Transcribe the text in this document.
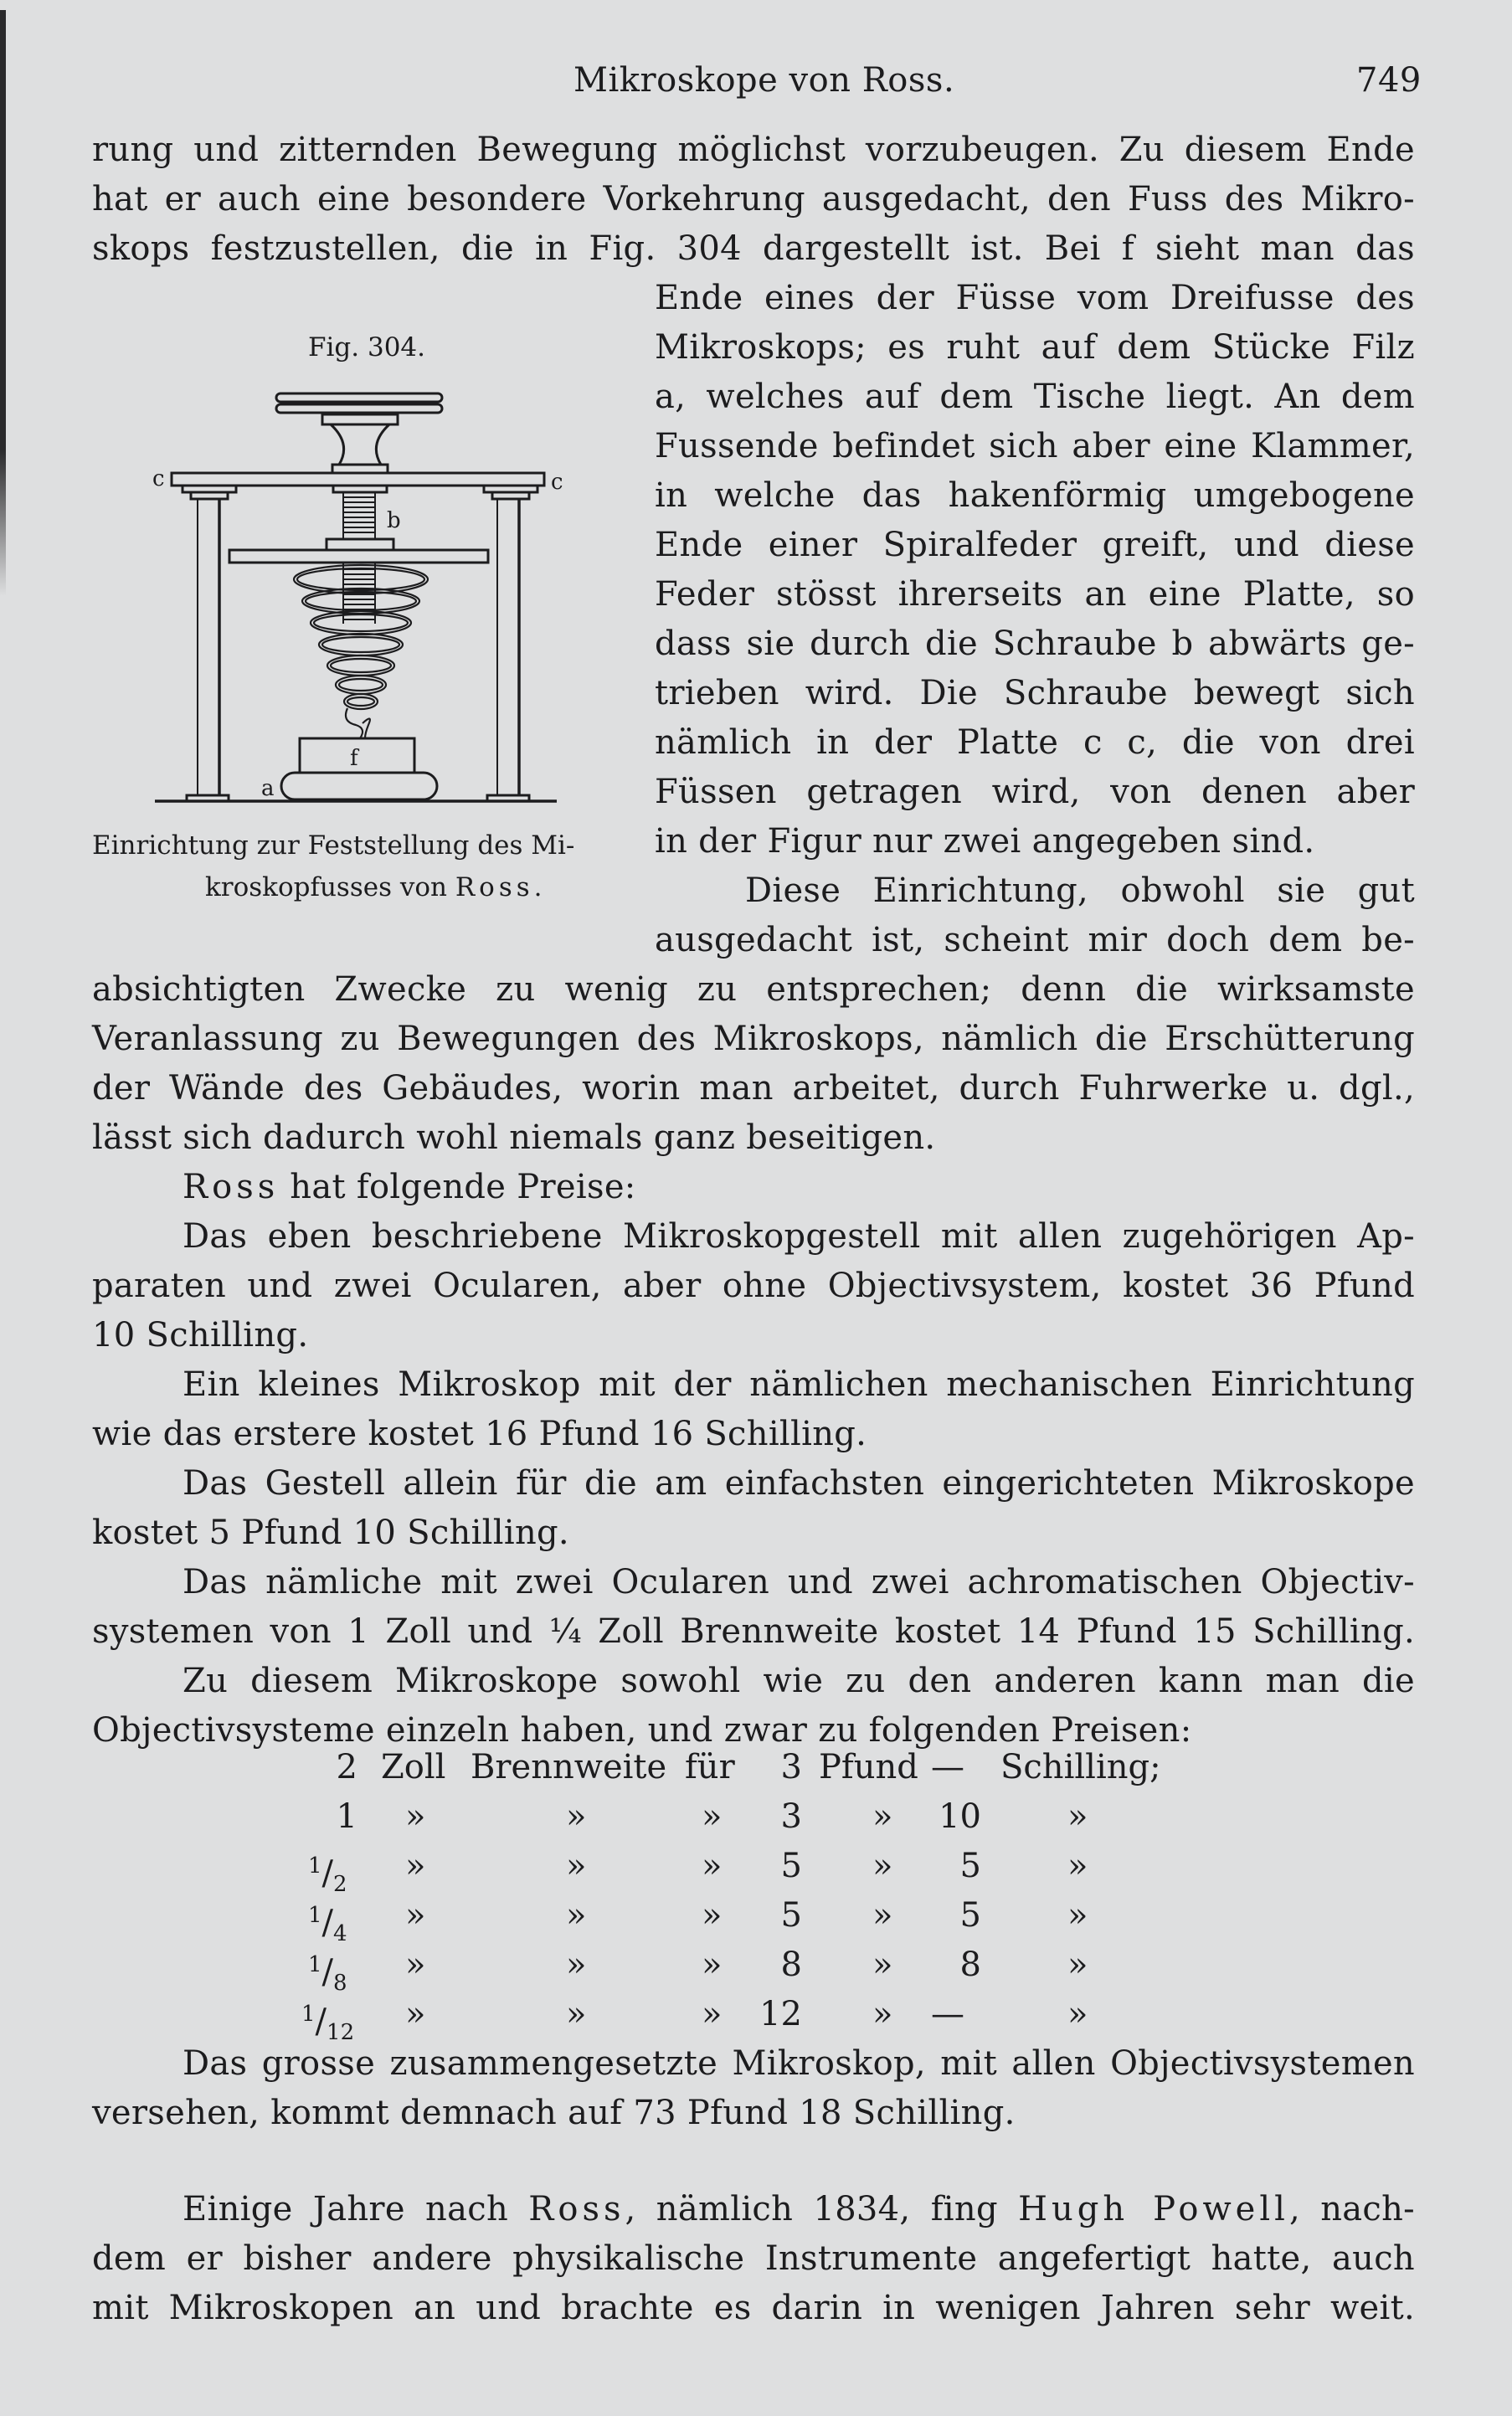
Mikroskope von Ross.	749
rung und zitternden Bewegung möglichst vorzubeugen. Zu diesem Ende
hat er auch eine besondere Vorkehrung ausgedacht, den Fuss des Mikro-
skops festzustellen, die in Fig. 304 dargestellt ist. Bei f sieht man das
Fig. 304.
c	c
b
f
a
Ende eines der Füsse vom Dreifusse des
Mikroskops; es ruht auf dem Stücke Filz
a, welches auf dem Tische liegt. An dem
Fussende befindet sich aber eine Klammer,
in welche das hakenförmig umgebogene
Ende einer Spiralfeder greift, und diese
Feder stösst ihrerseits an eine Platte, so
dass sie durch die Schraube b abwärts ge-
trieben wird. Die Schraube bewegt sich
nämlich in der Platte c c, die von drei
Füssen getragen wird, von denen aber
in der Figur nur zwei angegeben sind.
Einrichtung zur Feststellung des Mi-
kroskopfusses von Ross.	Diese Einrichtung, obwohl sie gut
ausgedacht ist, scheint mir doch dem be-
absichtigten Zwecke zu wenig zu entsprechen; denn die wirksamste
Veranlassung zu Bewegungen des Mikroskops, nämlich die Erschütterung
der Wände des Gebäudes, worin man arbeitet, durch Fuhrwerke u. dgl.,
lässt sich dadurch wohl niemals ganz beseitigen.
Ross hat folgende Preise:
Das eben beschriebene Mikroskopgestell mit allen zugehörigen Ap-
paraten und zwei Ocularen, aber ohne Objectivsystem, kostet 36 Pfund
10 Schilling.
Ein kleines Mikroskop mit der nämlichen mechanischen Einrichtung
wie das erstere kostet 16 Pfund 16 Schilling.
Das Gestell allein für die am einfachsten eingerichteten Mikroskope
kostet 5 Pfund 10 Schilling.
Das nämliche mit zwei Ocularen und zwei achromatischen Objectiv-
systemen von 1 Zoll und ¼ Zoll Brennweite kostet 14 Pfund 15 Schilling.
Zu diesem Mikroskope sowohl wie zu den anderen kann man die
Objectivsysteme einzeln haben, und zwar zu folgenden Preisen:
2 Zoll Brennweite für	3 Pfund — Schilling;
1 »	»	»	3 »	10	»
$^1/_2$ »	»	»	5 »	5	»
$^1/_4$ »	»	»	5 »	5	»
$^1/_8$ »	»	»	8 »	8	»
$^1/_{12}$ »	»	» 12 » —	»
Das grosse zusammengesetzte Mikroskop, mit allen Objectivsystemen
versehen, kommt demnach auf 73 Pfund 18 Schilling.
Einige Jahre nach Ross, nämlich 1834, fing Hugh Powell, nach-
dem er bisher andere physikalische Instrumente angefertigt hatte, auch
mit Mikroskopen an und brachte es darin in wenigen Jahren sehr weit.
